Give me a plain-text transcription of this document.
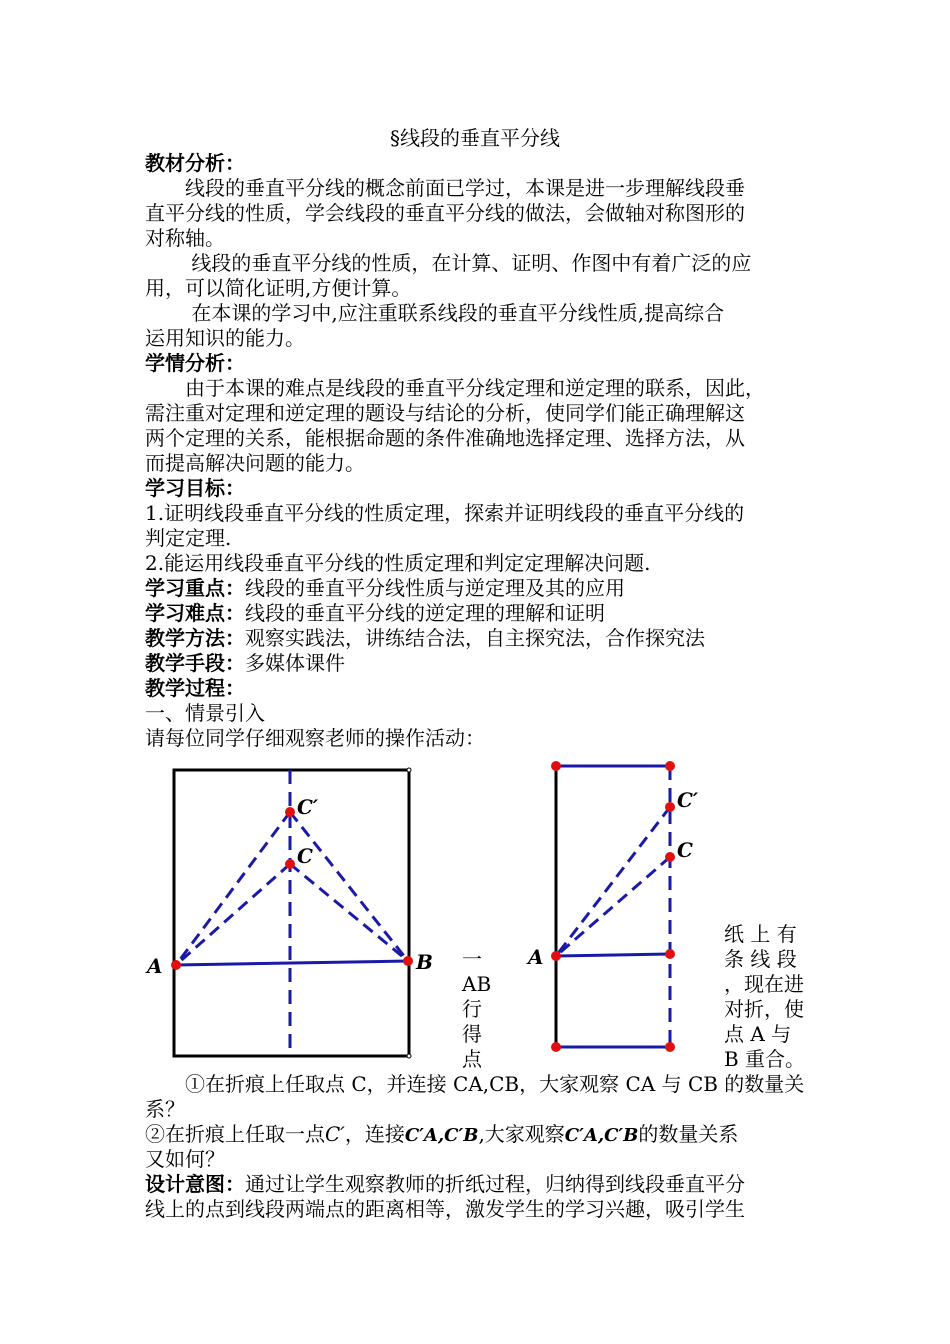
§线段的垂直平分线
教材分析：
　　线段的垂直平分线的概念前面已学过，本课是进一步理解线段垂
直平分线的性质，学会线段的垂直平分线的做法，会做轴对称图形的
对称轴。
　　 线段的垂直平分线的性质，在计算、证明、作图中有着广泛的应
用，可以简化证明,方便计算。
　　 在本课的学习中,应注重联系线段的垂直平分线性质,提高综合
运用知识的能力。
学情分析：
　　由于本课的难点是线段的垂直平分线定理和逆定理的联系，因此，
需注重对定理和逆定理的题设与结论的分析，使同学们能正确理解这
两个定理的关系，能根据命题的条件准确地选择定理、选择方法，从
而提高解决问题的能力。
学习目标：
1.证明线段垂直平分线的性质定理，探索并证明线段的垂直平分线的
判定定理.
2.能运用线段垂直平分线的性质定理和判定定理解决问题.
学习重点：线段的垂直平分线性质与逆定理及其的应用
学习难点：线段的垂直平分线的逆定理的理解和证明
教学方法：观察实践法，讲练结合法，自主探究法，合作探究法
教学手段：多媒体课件
教学过程：
一、情景引入
请每位同学仔细观察老师的操作活动：
A	B
C′
C
A
C′
C
一
AB
行
得
点
纸 上 有
条 线 段
，现在进
对折，使
点 A 与
B 重合。
　　①在折痕上任取点 C，并连接 CA,CB，大家观察 CA 与 CB 的数量关
系？
②在折痕上任取一点C′，连接C′A,C′B,大家观察C′A,C′B的数量关系
又如何？
设计意图：通过让学生观察教师的折纸过程，归纳得到线段垂直平分
线上的点到线段两端点的距离相等，激发学生的学习兴趣，吸引学生
